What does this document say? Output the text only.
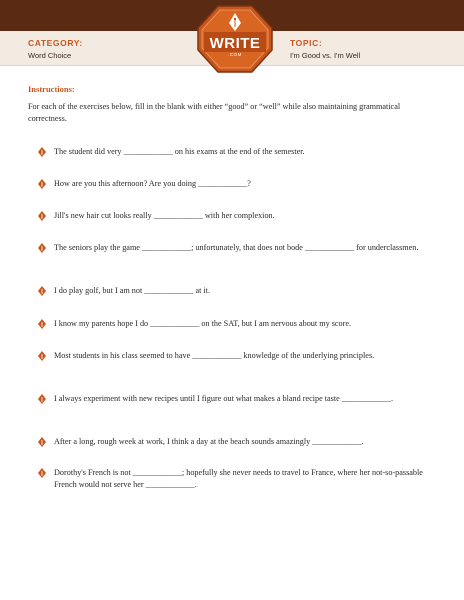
CATEGORY:
Word Choice
TOPIC:
I'm Good vs. I'm Well
WRITE
.COM
Instructions:
For each of the exercises below, fill in the blank with either “good” or “well” while also maintaining grammatical correctness.
The student did very ____________ on his exams at the end of the semester.
How are you this afternoon? Are you doing ____________?
Jill's new hair cut looks really ____________ with her complexion.
The seniors play the game ____________; unfortunately, that does not bode ____________ for underclassmen.
I do play golf, but I am not ____________ at it.
I know my parents hope I do ____________ on the SAT, but I am nervous about my score.
Most students in his class seemed to have ____________ knowledge of the underlying principles.
I always experiment with new recipes until I figure out what makes a bland recipe taste ____________.
After a long, rough week at work, I think a day at the beach sounds amazingly ____________.
Dorothy's French is not ____________; hopefully she never needs to travel to France, where her not-so-passable French would not serve her ____________.
